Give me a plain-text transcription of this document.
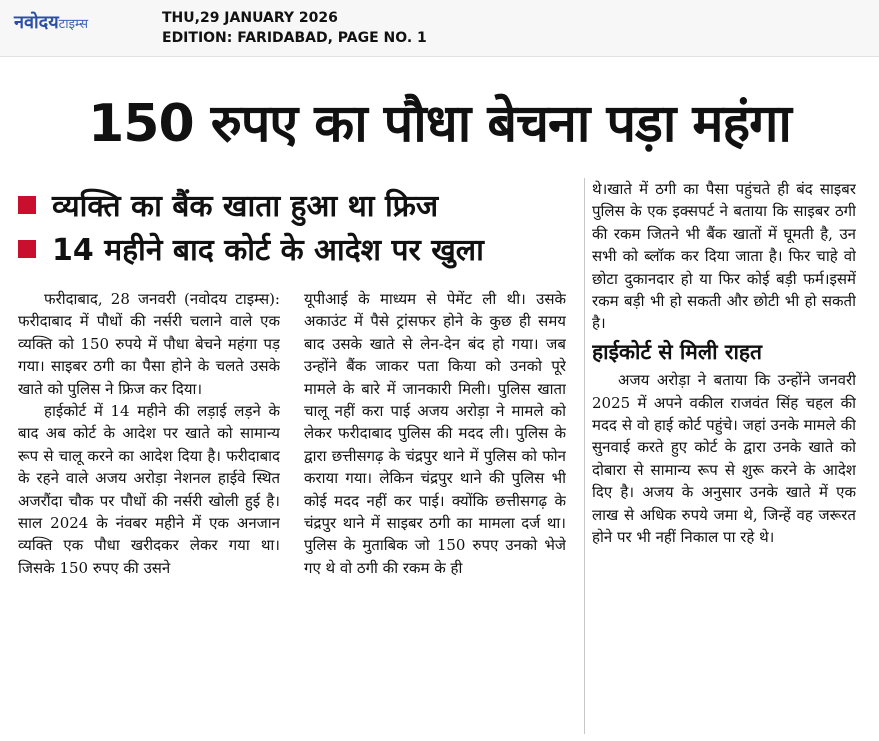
नवोदयटाइम्स	THU,29 JANUARY 2026
EDITION: FARIDABAD, PAGE NO. 1
150 रुपए का पौधा बेचना पड़ा महंगा
व्यक्ति का बैंक खाता हुआ था फ्रिज
14 महीने बाद कोर्ट के आदेश पर खुला

फरीदाबाद, 28 जनवरी (नवोदय टाइम्स): फरीदाबाद में पौधों की नर्सरी चलाने वाले एक व्यक्ति को 150 रुपये में पौधा बेचने महंगा पड़ गया। साइबर ठगी का पैसा होने के चलते उसके खाते को पुलिस ने फ्रिज कर दिया।

हाईकोर्ट में 14 महीने की लड़ाई लड़ने के बाद अब कोर्ट के आदेश पर खाते को सामान्य रूप से चालू करने का आदेश दिया है। फरीदाबाद के रहने वाले अजय अरोड़ा नेशनल हाईवे स्थित अजरौंदा चौक पर पौधों की नर्सरी खोली हुई है। साल 2024 के नंवबर महीने में एक अनजान व्यक्ति एक पौधा खरीदकर लेकर गया था। जिसके 150 रुपए की उसने

यूपीआई के माध्यम से पेमेंट ली थी। उसके अकाउंट में पैसे ट्रांसफर होने के कुछ ही समय बाद उसके खाते से लेन-देन बंद हो गया। जब उन्होंने बैंक जाकर पता किया को उनको पूरे मामले के बारे में जानकारी मिली। पुलिस खाता चालू नहीं करा पाई अजय अरोड़ा ने मामले को लेकर फरीदाबाद पुलिस की मदद ली। पुलिस के द्वारा छत्तीसगढ़ के चंद्रपुर थाने में पुलिस को फोन कराया गया। लेकिन चंद्रपुर थाने की पुलिस भी कोई मदद नहीं कर पाई। क्योंकि छत्तीसगढ़ के चंद्रपुर थाने में साइबर ठगी का मामला दर्ज था। पुलिस के मुताबिक जो 150 रुपए उनको भेजे गए थे वो ठगी की रकम के ही

थे।खाते में ठगी का पैसा पहुंचते ही बंद साइबर पुलिस के एक इक्सपर्ट ने बताया कि साइबर ठगी की रकम जितने भी बैंक खातों में घूमती है, उन सभी को ब्लॉक कर दिया जाता है। फिर चाहे वो छोटा दुकानदार हो या फिर कोई बड़ी फर्म।इसमें रकम बड़ी भी हो सकती और छोटी भी हो सकती है।

हाईकोर्ट से मिली राहत

अजय अरोड़ा ने बताया कि उन्होंने जनवरी 2025 में अपने वकील राजवंत सिंह चहल की मदद से वो हाई कोर्ट पहुंचे। जहां उनके मामले की सुनवाई करते हुए कोर्ट के द्वारा उनके खाते को दोबारा से सामान्य रूप से शुरू करने के आदेश दिए है। अजय के अनुसार उनके खाते में एक लाख से अधिक रुपये जमा थे, जिन्हें वह जरूरत होने पर भी नहीं निकाल पा रहे थे।
